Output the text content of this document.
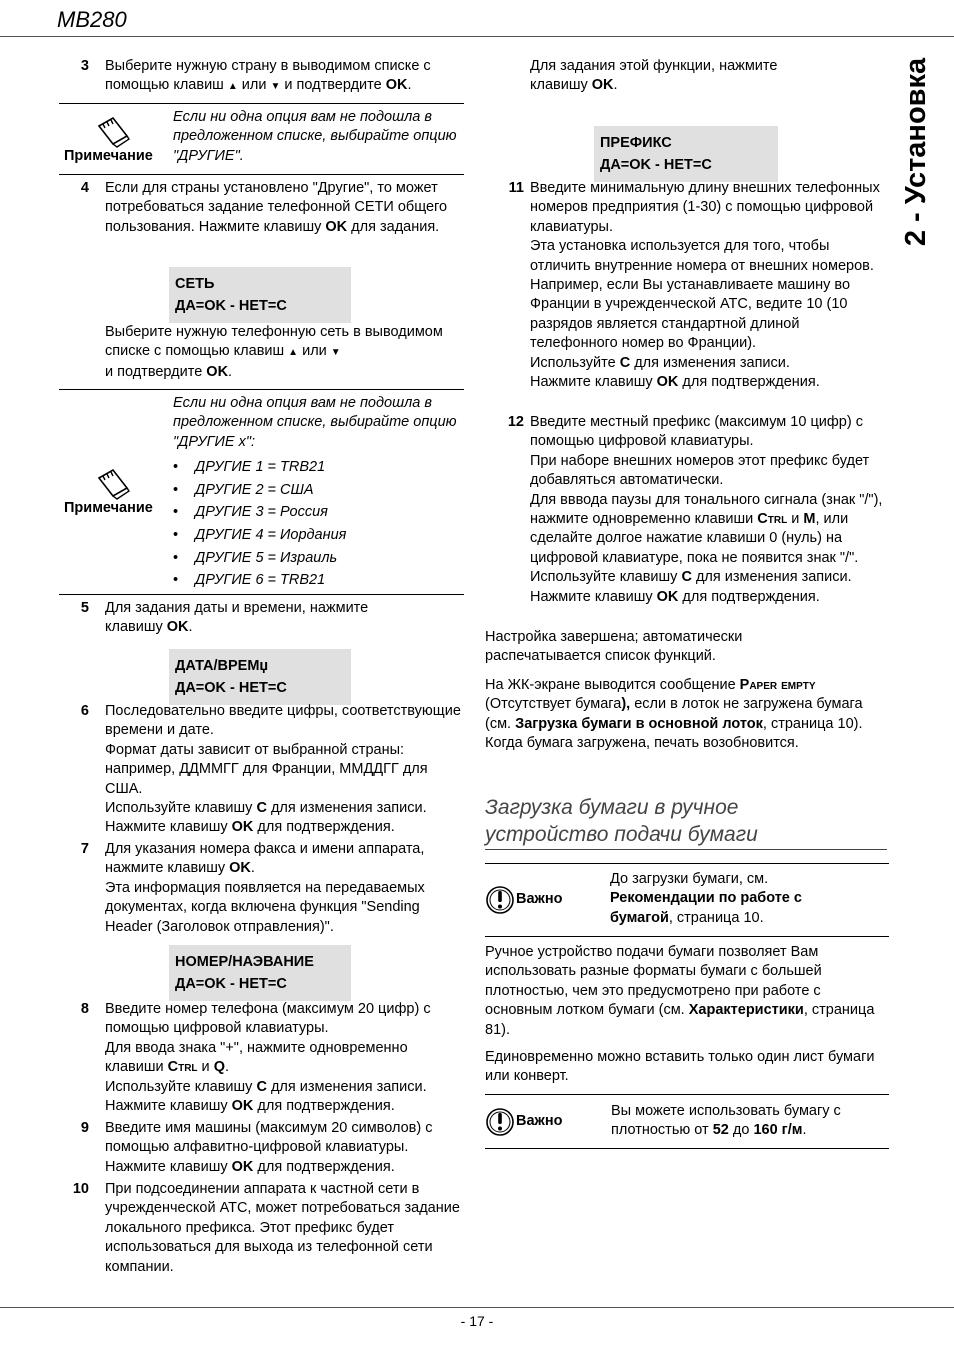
MB280
2 - Установка
3 Выберите нужную страну в выводимом списке с помощью клавиш ▲ или ▼ и подтвердите OK.
Примечание
Если ни одна опция вам не подошла в предложенном списке, выбирайте опцию "ДРУГИЕ".
4 Если для страны установлено "Другие", то может потребоваться задание телефонной СЕТИ общего пользования. Нажмите клавишу OK для задания.
СЕТЬ
ДА=OK - НЕТ=C
Выберите нужную телефонную сеть в выводимом списке с помощью клавиш ▲ или ▼
и подтвердите OK.
Примечание
Если ни одна опция вам не подошла в предложенном списке, выбирайте опцию "ДРУГИЕ x":
• ДРУГИЕ 1 = TRB21
• ДРУГИЕ 2 = США
• ДРУГИЕ 3 = Россия
• ДРУГИЕ 4 = Иордания
• ДРУГИЕ 5 = Израиль
• ДРУГИЕ 6 = TRB21
5 Для задания даты и времени, нажмите клавишу OK.
ДАТА/ВРЕМџ
ДА=OK - НЕТ=C
6 Последовательно введите цифры, соответствующие времени и дате.
Формат даты зависит от выбранной страны: например, ДДММГГ для Франции, ММДДГГ для США.
Используйте клавишу C для изменения записи.
Нажмите клавишу OK для подтверждения.
7 Для указания номера факса и имени аппарата, нажмите клавишу OK.
Эта информация появляется на передаваемых документах, когда включена функция "Sending Header (Заголовок отправления)".
НОМЕР/НАЭВАНИЕ
ДА=OK - НЕТ=C
8 Введите номер телефона (максимум 20 цифр) с помощью цифровой клавиатуры.
Для ввода знака "+", нажмите одновременно клавиши Ctrl и Q.
Используйте клавишу C для изменения записи.
Нажмите клавишу OK для подтверждения.
9 Введите имя машины (максимум 20 символов) с помощью алфавитно-цифровой клавиатуры.
Нажмите клавишу OK для подтверждения.
10 При подсоединении аппарата к частной сети в учрежденческой АТС, может потребоваться задание локального префикса. Этот префикс будет использоваться для выхода из телефонной сети компании.
Для задания этой функции, нажмите клавишу OK.
ПРЕФИКС
ДА=OK - НЕТ=C
11 Введите минимальную длину внешних телефонных номеров предприятия (1-30) с помощью цифровой клавиатуры.
Эта установка используется для того, чтобы отличить внутренние номера от внешних номеров.
Например, если Вы устанавливаете машину во Франции в учрежденческой АТС, ведите 10 (10 разрядов является стандартной длиной телефонного номер во Франции).
Используйте C для изменения записи.
Нажмите клавишу OK для подтверждения.
12 Введите местный префикс (максимум 10 цифр) с помощью цифровой клавиатуры.
При наборе внешних номеров этот префикс будет добавляться автоматически.
Для вввода паузы для тонального сигнала (знак "/"), нажмите одновременно клавиши Ctrl и M, или сделайте долгое нажатие клавиши 0 (нуль) на цифровой клавиатуре, пока не появится знак "/".
Используйте клавишу C для изменения записи.
Нажмите клавишу OK для подтверждения.
Настройка завершена; автоматически распечатывается список функций.
На ЖК-экране выводится сообщение Paper empty
(Отсутствует бумага), если в лоток не загружена бумага (см. Загрузка бумаги в основной лоток, страница 10). Когда бумага загружена, печать возобновится.
Загрузка бумаги в ручное устройство подачи бумаги
Важно
До загрузки бумаги, см. Рекомендации по работе с бумагой, страница 10.
Ручное устройство подачи бумаги позволяет Вам использовать разные форматы бумаги с большей плотностью, чем это предусмотрено при работе с основным лотком бумаги (см. Характеристики, страница 81).
Единовременно можно вставить только один лист бумаги или конверт.
Важно
Вы можете использовать бумагу с плотностью от 52 до 160 г/м.
- 17 -
